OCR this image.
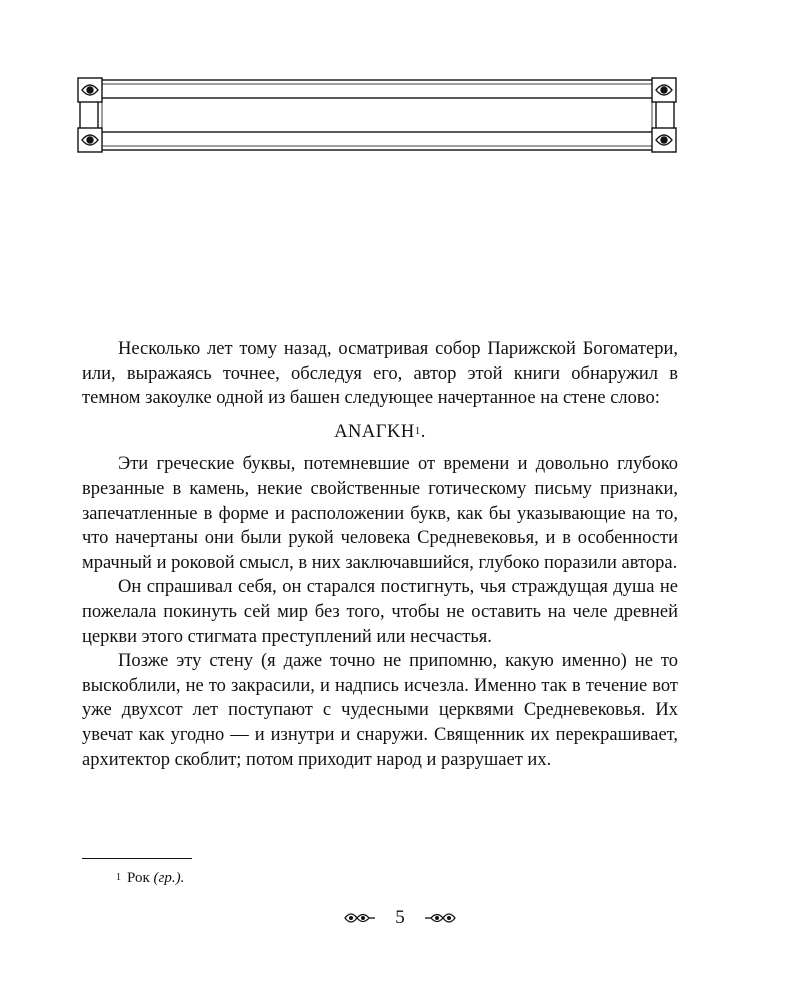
Несколько лет тому назад, осматривая собор Парижской Богоматери, или, выражаясь точнее, обследуя его, автор этой книги обнаружил в темном закоулке одной из башен следующее начертанное на стене слово:

ΑΝΑΓΚΗ$^1$.

Эти греческие буквы, потемневшие от времени и довольно глубоко врезанные в камень, некие свойственные готическому письму признаки, запечатленные в форме и расположении букв, как бы указывающие на то, что начертаны они были рукой человека Средневековья, и в особенности мрачный и роковой смысл, в них заключавшийся, глубоко поразили автора.

Он спрашивал себя, он старался постигнуть, чья страждущая душа не пожелала покинуть сей мир без того, чтобы не оставить на челе древней церкви этого стигмата преступлений или несчастья.

Позже эту стену (я даже точно не припомню, какую именно) не то выскоблили, не то закрасили, и надпись исчезла. Именно так в течение вот уже двухсот лет поступают с чудесными церквями Средневековья. Их увечат как угодно — и изнутри и снаружи. Священник их перекрашивает, архитектор скоблит; потом приходит народ и разрушает их.

$^1$ Рок (гр.).
5
